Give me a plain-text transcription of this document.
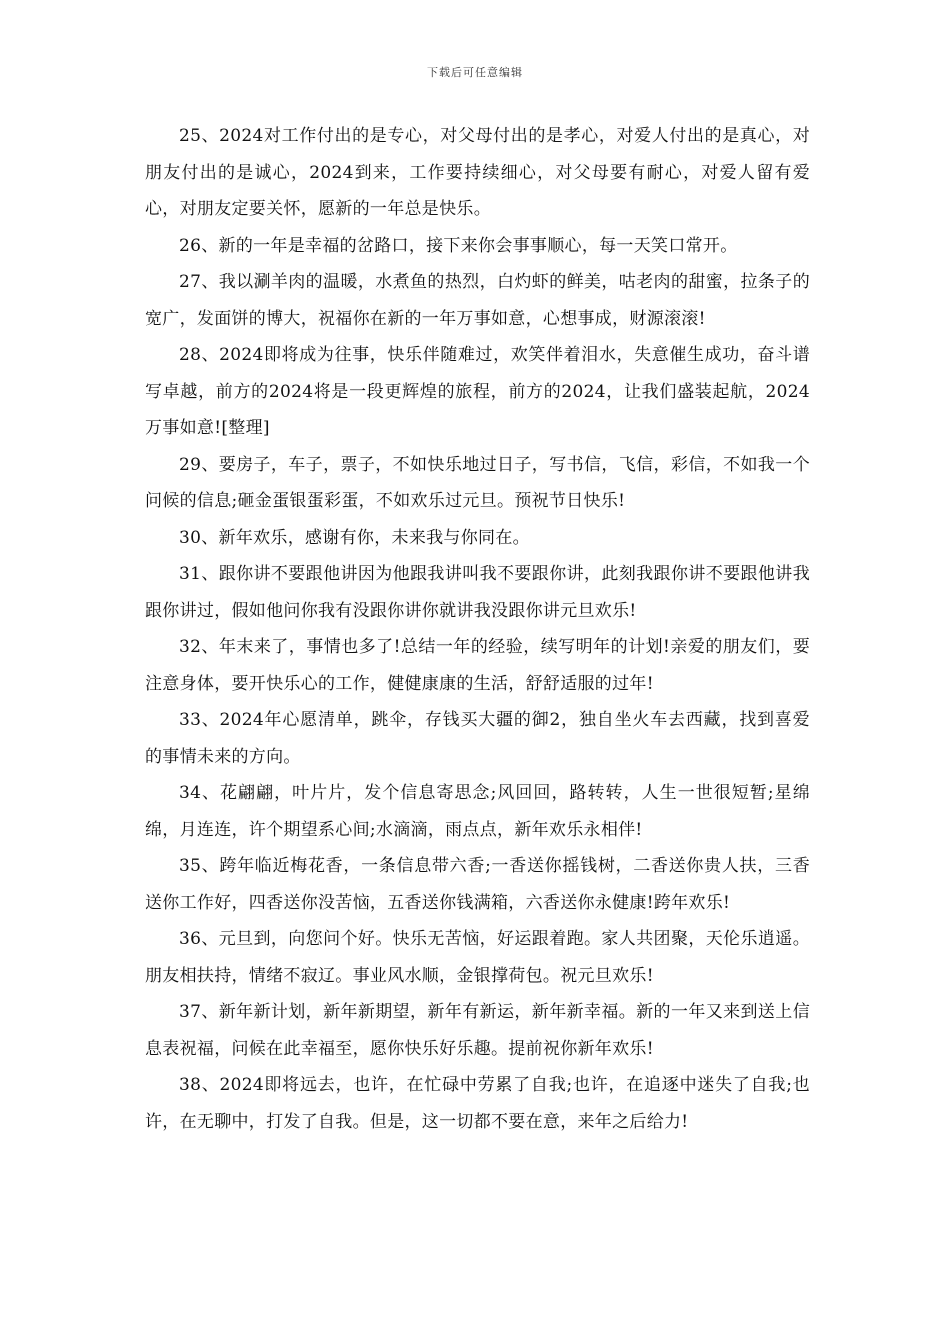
下载后可任意编辑

25、2024对工作付出的是专心，对父母付出的是孝心，对爱人付出的是真心，对朋友付出的是诚心，2024到来，工作要持续细心，对父母要有耐心，对爱人留有爱心，对朋友定要关怀，愿新的一年总是快乐。

26、新的一年是幸福的岔路口，接下来你会事事顺心，每一天笑口常开。

27、我以涮羊肉的温暖，水煮鱼的热烈，白灼虾的鲜美，咕老肉的甜蜜，拉条子的宽广，发面饼的博大，祝福你在新的一年万事如意，心想事成，财源滚滚!

28、2024即将成为往事，快乐伴随难过，欢笑伴着泪水，失意催生成功，奋斗谱写卓越，前方的2024将是一段更辉煌的旅程，前方的2024，让我们盛装起航，2024万事如意![整理]

29、要房子，车子，票子，不如快乐地过日子，写书信，飞信，彩信，不如我一个问候的信息;砸金蛋银蛋彩蛋，不如欢乐过元旦。预祝节日快乐!

30、新年欢乐，感谢有你，未来我与你同在。

31、跟你讲不要跟他讲因为他跟我讲叫我不要跟你讲，此刻我跟你讲不要跟他讲我跟你讲过，假如他问你我有没跟你讲你就讲我没跟你讲元旦欢乐!

32、年末来了，事情也多了!总结一年的经验，续写明年的计划!亲爱的朋友们，要注意身体，要开快乐心的工作，健健康康的生活，舒舒适服的过年!

33、2024年心愿清单，跳伞，存钱买大疆的御2，独自坐火车去西藏，找到喜爱的事情未来的方向。

34、花翩翩，叶片片，发个信息寄思念;风回回，路转转，人生一世很短暂;星绵绵，月连连，许个期望系心间;水滴滴，雨点点，新年欢乐永相伴!

35、跨年临近梅花香，一条信息带六香;一香送你摇钱树，二香送你贵人扶，三香送你工作好，四香送你没苦恼，五香送你钱满箱，六香送你永健康!跨年欢乐!

36、元旦到，向您问个好。快乐无苦恼，好运跟着跑。家人共团聚，天伦乐逍遥。朋友相扶持，情绪不寂辽。事业风水顺，金银撑荷包。祝元旦欢乐!

37、新年新计划，新年新期望，新年有新运，新年新幸福。新的一年又来到送上信息表祝福，问候在此幸福至，愿你快乐好乐趣。提前祝你新年欢乐!

38、2024即将远去，也许，在忙碌中劳累了自我;也许，在追逐中迷失了自我;也许，在无聊中，打发了自我。但是，这一切都不要在意，来年之后给力!
